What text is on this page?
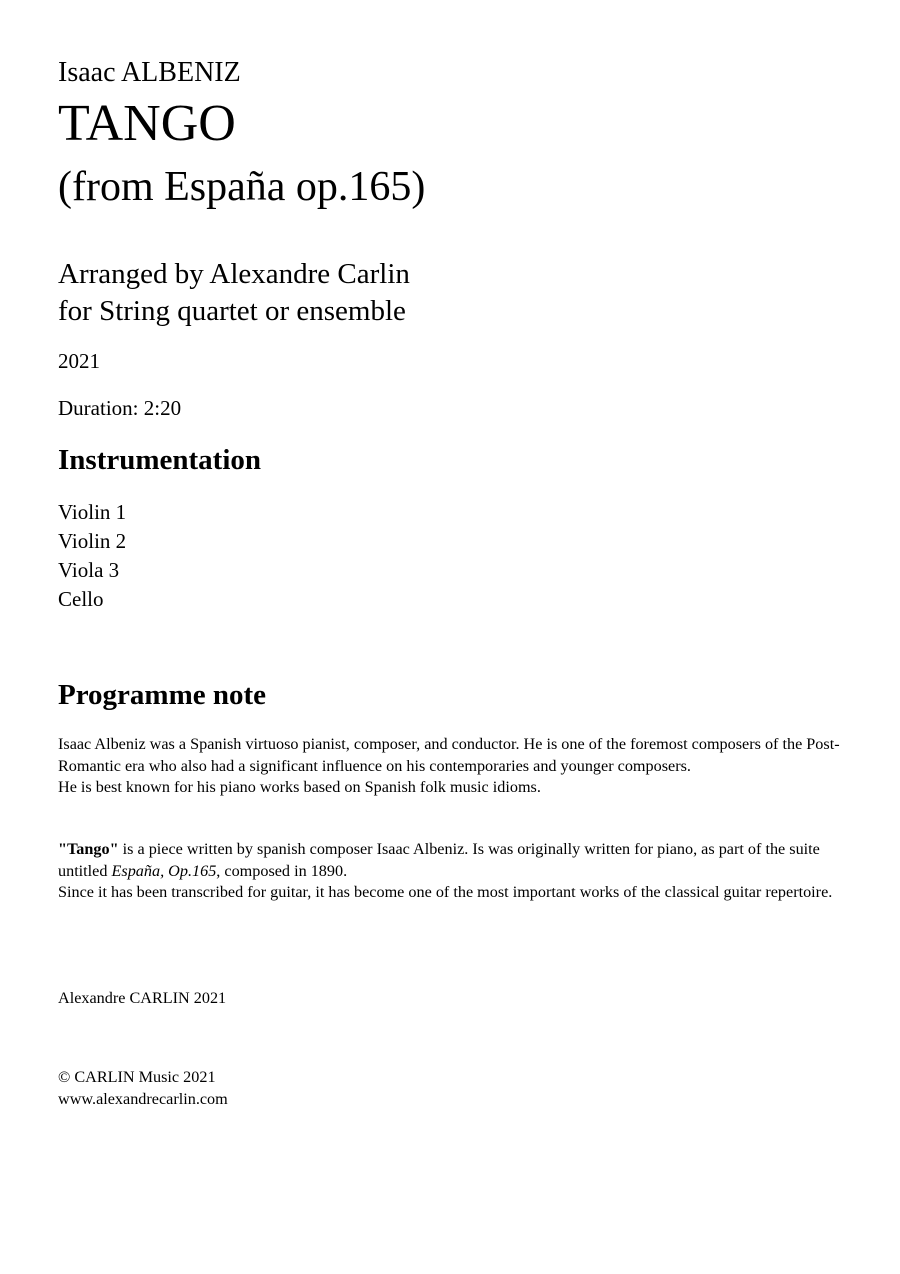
Isaac ALBENIZ
TANGO
(from España op.165)
Arranged by Alexandre Carlin
for String quartet or ensemble
2021
Duration: 2:20
Instrumentation
Violin 1
Violin 2
Viola 3
Cello
Programme note

Isaac Albeniz was a Spanish virtuoso pianist, composer, and conductor. He is one of the foremost composers of the Post-Romantic era who also had a significant influence on his contemporaries and younger composers.
He is best known for his piano works based on Spanish folk music idioms.

"Tango" is a piece written by spanish composer Isaac Albeniz. Is was originally written for piano, as part of the suite untitled España, Op.165, composed in 1890.
Since it has been transcribed for guitar, it has become one of the most important works of the classical guitar repertoire.

Alexandre CARLIN 2021
© CARLIN Music 2021
www.alexandrecarlin.com
